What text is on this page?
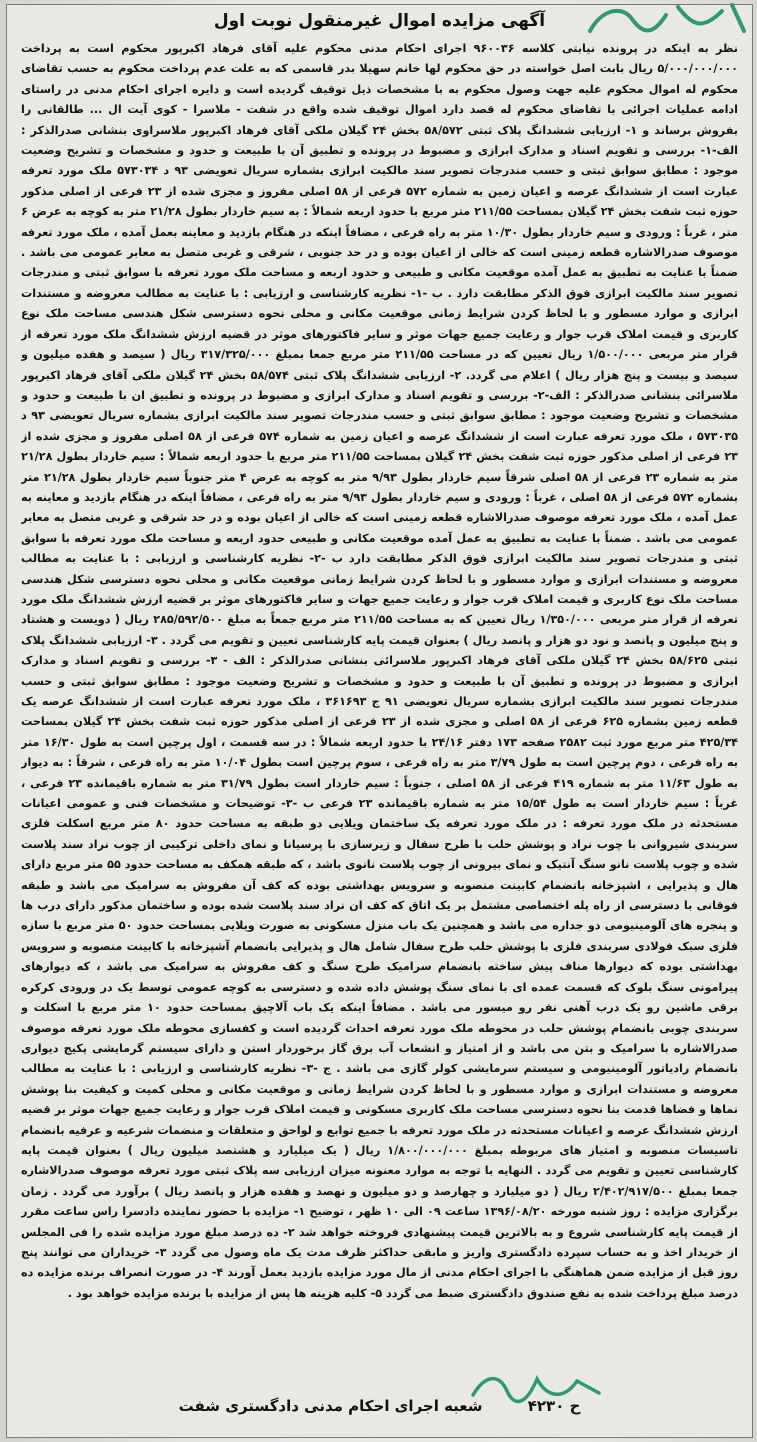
آگهی مزایده اموال غیرمنقول نوبت اول
نظر به اینکه در پرونده نیابتی کلاسه ۹۶۰۰۳۶ اجرای احکام مدنی محکوم علیه آقای فرهاد اکبرپور محکوم است به پرداخت ۵/۰۰۰/۰۰۰/۰۰۰ ریال بابت اصل خواسته در حق محکوم لها خانم سهیلا بدر قاسمی که به علت عدم پرداخت محکوم به حسب تقاضای محکوم له اموال محکوم علیه جهت وصول محکوم به با مشخصات ذیل توقیف گردیده است و دایره اجرای احکام مدنی در راستای ادامه عملیات اجرائی با تقاضای محکوم له قصد دارد اموال توقیف شده واقع در شفت - ملاسرا - کوی آیت ال ... طالقانی را بفروش برساند و ۱- ارزیابی ششدانگ پلاک ثبتی ۵۸/۵۷۲ بخش ۲۴ گیلان ملکی آقای فرهاد اکبرپور ملاسراوی بنشانی صدرالذکر : الف-۱- بررسی و تقویم اسناد و مدارک ابرازی و مضبوط در پرونده و تطبیق آن با طبیعت و حدود و مشخصات و تشریح وضعیت موجود : مطابق سوابق ثبتی و حسب مندرجات تصویر سند مالکیت ابرازی بشماره سریال تعویضی ۹۳ د ۵۷۳۰۳۴ ملک مورد تعرفه عبارت است از ششدانگ عرصه و اعیان زمین به شماره ۵۷۲ فرعی از ۵۸ اصلی مفروز و مجزی شده از ۲۳ فرعی از اصلی مذکور حوزه ثبت شفت بخش ۲۴ گیلان بمساحت ۲۱۱/۵۵ متر مربع با حدود اربعه شمالاً : به سیم خاردار بطول ۲۱/۲۸ متر به کوچه به عرض ۶ متر ، غرباً : ورودی و سیم خاردار بطول ۱۰/۳۰ متر به راه فرعی ، مضافاً اینکه در هنگام بازدید و معاینه بعمل آمده ، ملک مورد تعرفه موصوف صدرالاشاره قطعه زمینی است که خالی از اعیان بوده و در حد جنوبی ، شرقی و غربی متصل به معابر عمومی می باشد . ضمناً با عنایت به تطبیق به عمل آمده موقعیت مکانی و طبیعی و حدود اربعه و مساحت ملک مورد تعرفه با سوابق ثبتی و مندرجات تصویر سند مالکیت ابرازی فوق الذکر مطابقت دارد . ب -۱- نظریه کارشناسی و ارزیابی : با عنایت به مطالب معروضه و مستندات ابرازی و موارد مسطور و با لحاظ کردن شرایط زمانی موقعیت مکانی و محلی نحوه دسترسی شکل هندسی مساحت ملک نوع کاربری و قیمت املاک قرب جوار و رعایت جمیع جهات موثر و سایر فاکتورهای موثر در قضیه ارزش ششدانگ ملک مورد تعرفه از قرار متر مربعی ۱/۵۰۰/۰۰۰ ریال تعیین که در مساحت ۲۱۱/۵۵ متر مربع جمعا بمبلغ ۳۱۷/۳۲۵/۰۰۰ ریال ( سیصد و هفده میلیون و سیصد و بیست و پنج هزار ریال ) اعلام می گردد. ۲- ارزیابی ششدانگ پلاک ثبتی ۵۸/۵۷۴ بخش ۲۴ گیلان ملکی آقای فرهاد اکبرپور ملاسرائی بنشانی صدرالذکر : الف-۲- بررسی و تقویم اسناد و مدارک ابرازی و مضبوط در پرونده و تطبیق ان با طبیعت و حدود و مشخصات و تشریح وضعیت موجود : مطابق سوابق ثبتی و حسب مندرجات تصویر سند مالکیت ابرازی بشماره سریال تعویضی ۹۳ د ۵۷۳۰۳۵ ، ملک مورد تعرفه عبارت است از ششدانگ عرصه و اعیان زمین به شماره ۵۷۴ فرعی از ۵۸ اصلی مفروز و مجزی شده از ۲۳ فرعی از اصلی مذکور حوزه ثبت شفت بخش ۲۴ گیلان بمساحت ۲۱۱/۵۵ متر مربع با حدود اربعه شمالاً : سیم خاردار بطول ۲۱/۲۸ متر به شماره ۲۳ فرعی از ۵۸ اصلی شرقاً سیم خاردار بطول ۹/۹۳ متر به کوچه به عرض ۴ متر جنوباً سیم خاردار بطول ۲۱/۲۸ متر بشماره ۵۷۲ فرعی از ۵۸ اصلی ، غرباً : ورودی و سیم خاردار بطول ۹/۹۳ متر به راه فرعی ، مضافاً اینکه در هنگام بازدید و معاینه به عمل آمده ، ملک مورد تعرفه موصوف صدرالاشاره قطعه زمینی است که خالی از اعیان بوده و در حد شرقی و غربی متصل به معابر عمومی می باشد . ضمناً با عنایت به تطبیق به عمل آمده موقعیت مکانی و طبیعی حدود اربعه و مساحت ملک مورد تعرفه با سوابق ثبتی و مندرجات تصویر سند مالکیت ابرازی فوق الذکر مطابقت دارد ب -۲- نظریه کارشناسی و ارزیابی : با عنایت به مطالب معروضه و مستندات ابرازی و موارد مسطور و با لحاظ کردن شرایط زمانی موقعیت مکانی و محلی نحوه دسترسی شکل هندسی مساحت ملک نوع کاربری و قیمت املاک قرب جوار و رعایت جمیع جهات و سایر فاکتورهای موثر بر قضیه ارزش ششدانگ ملک مورد تعرفه از قرار متر مربعی ۱/۳۵۰/۰۰۰ ریال تعیین که به مساحت ۲۱۱/۵۵ متر مربع جمعاً به مبلغ ۲۸۵/۵۹۲/۵۰۰ ریال ( دویست و هشتاد و پنج میلیون و پانصد و نود دو هزار و پانصد ریال ) بعنوان قیمت پایه کارشناسی تعیین و تقویم می گردد . ۳- ارزیابی ششدانگ پلاک ثبتی ۵۸/۶۲۵ بخش ۲۴ گیلان ملکی آقای فرهاد اکبرپور ملاسرائی بنشانی صدرالذکر : الف - ۳- بررسی و تقویم اسناد و مدارک ابرازی و مضبوط در پرونده و تطبیق آن با طبیعت و حدود و مشخصات و تشریح وضعیت موجود : مطابق سوابق ثبتی و حسب مندرجات تصویر سند مالکیت ابرازی بشماره سریال تعویضی ۹۱ ج ۳۶۱۶۹۳ ، ملک مورد تعرفه عبارت است از ششدانگ عرصه یک قطعه زمین بشماره ۶۲۵ فرعی از ۵۸ اصلی و مجزی شده از ۲۳ فرعی از اصلی مذکور حوزه ثبت شفت بخش ۲۴ گیلان بمساحت ۴۲۵/۳۴ متر مربع مورد ثبت ۲۵۸۲ صفحه ۱۷۳ دفتر ۲۴/۱۶ با حدود اربعه شمالاً : در سه قسمت ، اول پرچین است به طول ۱۶/۳۰ متر به راه فرعی ، دوم پرچین است به طول ۳/۷۹ متر به راه فرعی ، سوم پرچین است بطول ۱۰/۰۴ متر به راه فرعی ، شرقاً : به دیوار به طول ۱۱/۶۳ متر به شماره ۴۱۹ فرعی از ۵۸ اصلی ، جنوباً : سیم خاردار است بطول ۳۱/۷۹ متر به شماره باقیمانده ۲۳ فرعی ، غرباً : سیم خاردار است به طول ۱۵/۵۴ متر به شماره باقیمانده ۲۳ فرعی ب -۳- توضیحات و مشخصات فنی و عمومی اعیانات مستحدثه در ملک مورد تعرفه : در ملک مورد تعرفه یک ساختمان ویلایی دو طبقه به مساحت حدود ۸۰ متر مربع اسکلت فلزی سربندی شیروانی با چوب نراد و پوشش حلب با طرح سفال و زیرسازی با پرسیانا و نمای داخلی ترکیبی از چوب نراد سند پلاست شده و چوب پلاست نانو سنگ آنتیک و نمای بیرونی از چوب پلاست نانوی باشد ، که طبقه همکف به مساحت حدود ۵۵ متر مربع دارای هال و پذیرایی ، اشپزخانه بانضمام کابینت منصوبه و سرویس بهداشتی بوده که کف آن مفروش به سرامیک می باشد و طبقه فوقانی با دسترسی از راه پله اختصاصی مشتمل بر یک اتاق که کف ان نراد سند پلاست شده بوده و ساختمان مذکور دارای درب ها و پنجره های آلومینیومی دو جداره می باشد و همچنین یک باب منزل مسکونی به صورت ویلایی بمساحت حدود ۵۰ متر مربع با سازه فلزی سبک فولادی سربندی فلزی با پوشش حلب طرح سفال شامل هال و پذیرایی بانضمام آشپزخانه با کابینت منصوبه و سرویس بهداشتی بوده که دیوارها مناف پیش ساخته بانضمام سرامیک طرح سنگ و کف مفروش به سرامیک می باشد ، که دیوارهای پیرامونی سنگ بلوک که قسمت عمده ای با نمای سنگ پوشش داده شده و دسترسی به کوچه عمومی توسط یک در ورودی کرکره برقی ماشین رو یک درب آهنی نفر رو میسور می باشد . مضافاً اینکه یک باب آلاچیق بمساحت حدود ۱۰ متر مربع با اسکلت و سربندی چوبی بانضمام پوشش حلب در محوطه ملک مورد تعرفه احداث گردیده است و کفسازی محوطه ملک مورد تعرفه موصوف صدرالاشاره با سرامیک و بتن می باشد و از امتیاز و انشعاب آب برق گاز برخوردار استن و دارای سیستم گرمایشی پکیج دیواری بانضمام رادیاتور آلومینیومی و سیستم سرمایشی کولر گازی می باشد . ج -۳- نظریه کارشناسی و ارزیابی : با عنایت به مطالب معروضه و مستندات ابرازی و موارد مسطور و با لحاظ کردن شرایط زمانی و موقعیت مکانی و محلی کمیت و کیفیت بنا پوشش نماها و فضاها قدمت بنا نحوه دسترسی مساحت ملک کاربری مسکونی و قیمت املاک قرب جوار و رعایت جمیع جهات موثر بر قضیه ارزش ششدانگ عرصه و اعیانات مستحدثه در ملک مورد تعرفه با جمیع توابع و لواحق و متعلقات و منضمات شرعیه و عرفیه بانضمام تاسیسات منصوبه و امتیاز های مربوطه بمبلغ ۱/۸۰۰/۰۰۰/۰۰۰ ریال ( یک میلیارد و هشتصد میلیون ریال ) بعنوان قیمت پایه کارشناسی تعیین و تقویم می گردد . النهایه با توجه به موارد معنونه میزان ارزیابی سه پلاک ثبتی مورد تعرفه موصوف صدرالاشاره جمعا بمبلغ ۲/۴۰۲/۹۱۷/۵۰۰ ریال ( دو میلیارد و چهارصد و دو میلیون و نهصد و هفده هزار و پانصد ریال ) برآورد می گردد . زمان برگزاری مزایده : روز شنبه مورخه ۱۳۹۶/۰۸/۲۰ ساعت ۰۹ الی ۱۰ ظهر ، توضیح ۱- مزایده با حضور نماینده دادسرا راس ساعت مقرر از قیمت پایه کارشناسی شروع و به بالاترین قیمت پیشنهادی فروخته خواهد شد ۲- ده درصد مبلغ مورد مزایده شده را فی المجلس از خریدار اخذ و به حساب سپرده دادگستری واریز و مابقی حداکثر ظرف مدت یک ماه وصول می گردد ۳- خریداران می توانند پنج روز قبل از مزایده ضمن هماهنگی با اجرای احکام مدنی از مال مورد مزایده بازدید بعمل آورند ۴- در صورت انصراف برنده مزایده ده درصد مبلغ پرداخت شده به نفع صندوق دادگستری ضبط می گردد ۵- کلیه هزینه ها پس از مزایده با برنده مزایده خواهد بود .
ح ۴۲۳۰ شعبه اجرای احکام مدنی دادگستری شفت
